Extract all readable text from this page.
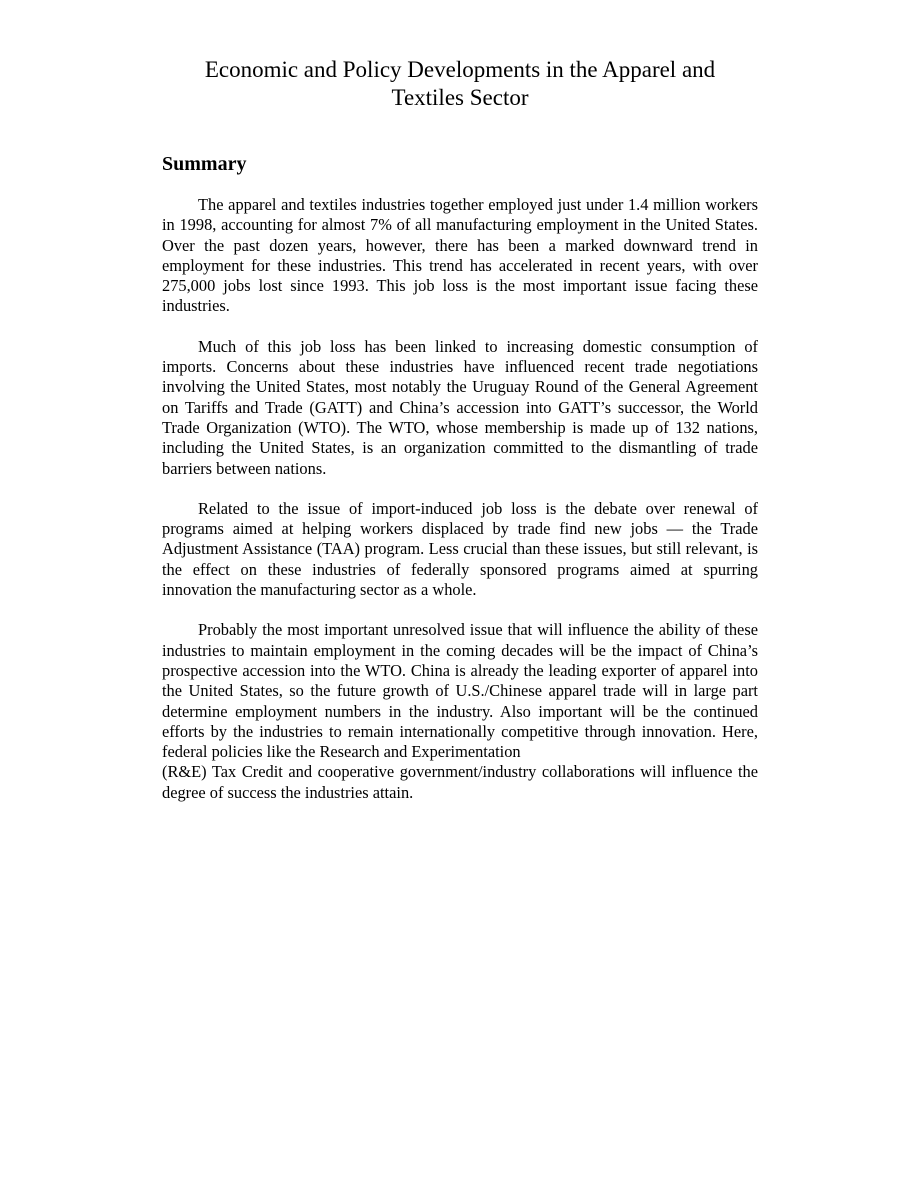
Economic and Policy Developments in the Apparel and
Textiles Sector
Summary

The apparel and textiles industries together employed just under 1.4 million workers in 1998, accounting for almost 7% of all manufacturing employment in the United States. Over the past dozen years, however, there has been a marked downward trend in employment for these industries. This trend has accelerated in recent years, with over 275,000 jobs lost since 1993. This job loss is the most important issue facing these industries.

Much of this job loss has been linked to increasing domestic consumption of imports. Concerns about these industries have influenced recent trade negotiations involving the United States, most notably the Uruguay Round of the General Agreement on Tariffs and Trade (GATT) and China’s accession into GATT’s successor, the World Trade Organization (WTO). The WTO, whose membership is made up of 132 nations, including the United States, is an organization committed to the dismantling of trade barriers between nations.

Related to the issue of import-induced job loss is the debate over renewal of programs aimed at helping workers displaced by trade find new jobs — the Trade Adjustment Assistance (TAA) program. Less crucial than these issues, but still relevant, is the effect on these industries of federally sponsored programs aimed at spurring innovation the manufacturing sector as a whole.

Probably the most important unresolved issue that will influence the ability of these industries to maintain employment in the coming decades will be the impact of China’s prospective accession into the WTO. China is already the leading exporter of apparel into the United States, so the future growth of U.S./Chinese apparel trade will in large part determine employment numbers in the industry. Also important will be the continued efforts by the industries to remain internationally competitive through innovation. Here, federal policies like the Research and Experimentation
(R&E) Tax Credit and cooperative government/industry collaborations will influence the degree of success the industries attain.
